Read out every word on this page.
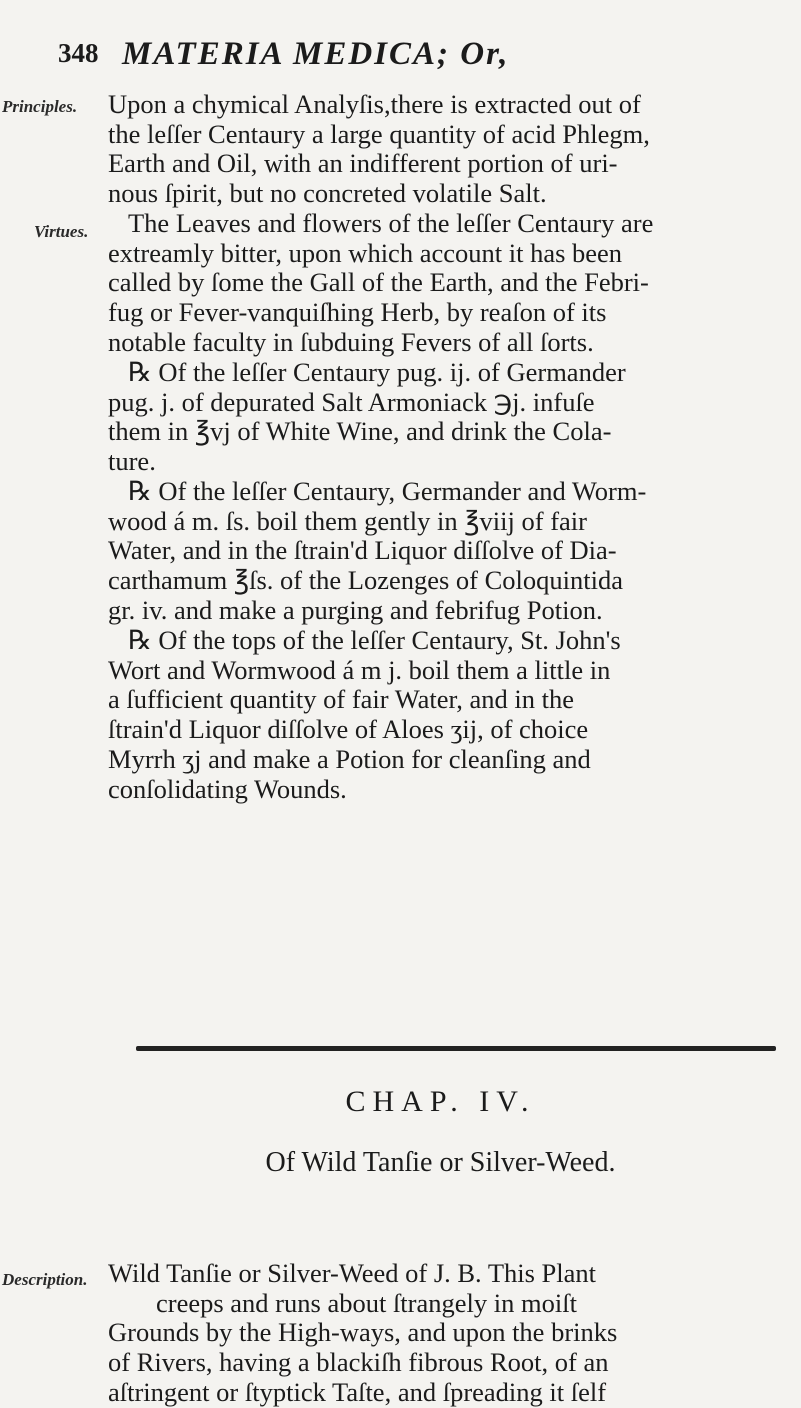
348 MATERIA MEDICA; Or,
Principles.
Virtues.
Description.
Upon a chymical Analyſis,there is extracted out of
the leſſer Centaury a large quantity of acid Phlegm,
Earth and Oil, with an indifferent portion of uri-
nous ſpirit, but no concreted volatile Salt.
The Leaves and flowers of the leſſer Centaury are
extreamly bitter, upon which account it has been
called by ſome the Gall of the Earth, and the Febri-
fug or Fever-vanquiſhing Herb, by reaſon of its
notable faculty in ſubduing Fevers of all ſorts.
℞ Of the leſſer Centaury pug. ij. of Germander
pug. j. of depurated Salt Armoniack ℈j. infuſe
them in ℥vj of White Wine, and drink the Cola-
ture.
℞ Of the leſſer Centaury, Germander and Worm-
wood á m. ſs. boil them gently in ℥viij of fair
Water, and in the ſtrain'd Liquor diſſolve of Dia-
carthamum ℥ſs. of the Lozenges of Coloquintida
gr. iv. and make a purging and febrifug Potion.
℞ Of the tops of the leſſer Centaury, St. John's
Wort and Wormwood á m j. boil them a little in
a ſufficient quantity of fair Water, and in the
ſtrain'd Liquor diſſolve of Aloes ʒij, of choice
Myrrh ʒj and make a Potion for cleanſing and
conſolidating Wounds.
CHAP. IV.
Of Wild Tanſie or Silver-Weed.
Wild Tanſie or Silver-Weed of J. B. This Plant
creeps and runs about ſtrangely in moiſt
Grounds by the High-ways, and upon the brinks
of Rivers, having a blackiſh fibrous Root, of an
aſtringent or ſtyptick Taſte, and ſpreading it ſelf
